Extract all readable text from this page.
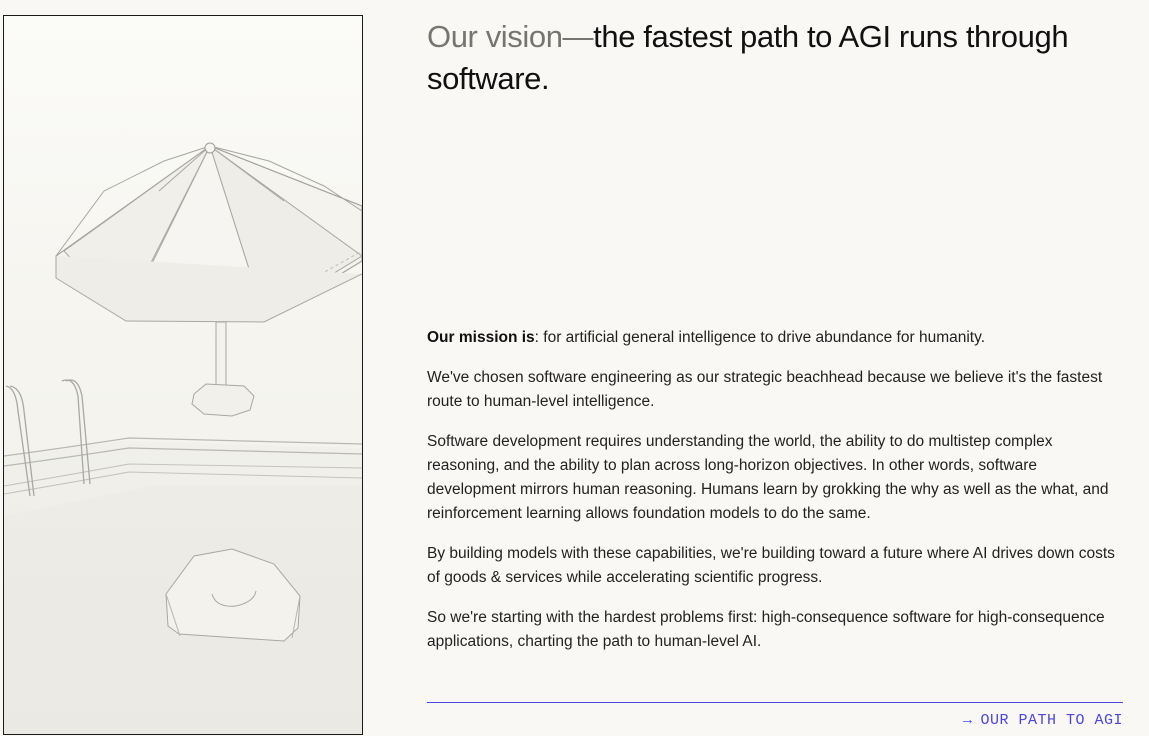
Our vision—the fastest path to AGI runs through software.

Our mission is: for artificial general intelligence to drive abundance for humanity.

We've chosen software engineering as our strategic beachhead because we believe it's the fastest route to human-level intelligence.

Software development requires understanding the world, the ability to do multistep complex reasoning, and the ability to plan across long-horizon objectives. In other words, software development mirrors human reasoning. Humans learn by grokking the why as well as the what, and reinforcement learning allows foundation models to do the same.

By building models with these capabilities, we're building toward a future where AI drives down costs of goods & services while accelerating scientific progress.

So we're starting with the hardest problems first: high-consequence software for high-consequence applications, charting the path to human-level AI.

→ OUR PATH TO AGI
